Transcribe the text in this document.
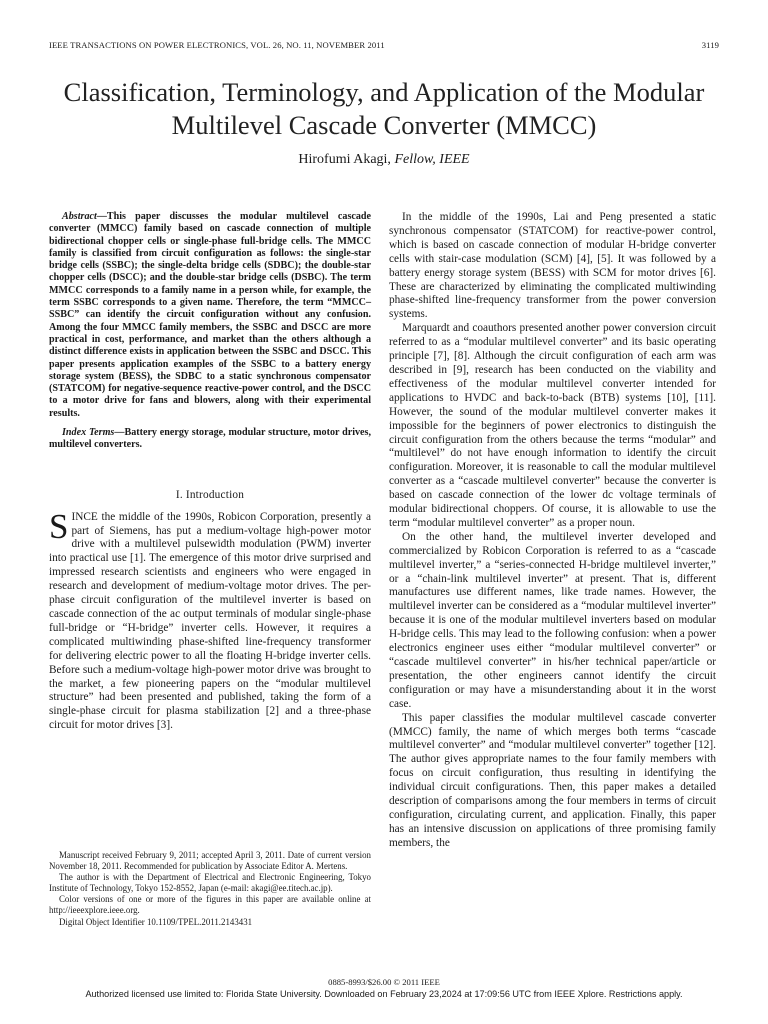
IEEE TRANSACTIONS ON POWER ELECTRONICS, VOL. 26, NO. 11, NOVEMBER 2011	3119
Classification, Terminology, and Application of the Modular Multilevel Cascade Converter (MMCC)
Hirofumi Akagi, Fellow, IEEE

Abstract—This paper discusses the modular multilevel cascade converter (MMCC) family based on cascade connection of multiple bidirectional chopper cells or single-phase full-bridge cells. The MMCC family is classified from circuit configuration as follows: the single-star bridge cells (SSBC); the single-delta bridge cells (SDBC); the double-star chopper cells (DSCC); and the double-star bridge cells (DSBC). The term MMCC corresponds to a family name in a person while, for example, the term SSBC corresponds to a given name. Therefore, the term “MMCC–SSBC” can identify the circuit configuration without any confusion. Among the four MMCC family members, the SSBC and DSCC are more practical in cost, performance, and market than the others although a distinct difference exists in application between the SSBC and DSCC. This paper presents application examples of the SSBC to a battery energy storage system (BESS), the SDBC to a static synchronous compensator (STATCOM) for negative-sequence reactive-power control, and the DSCC to a motor drive for fans and blowers, along with their experimental results.

Index Terms—Battery energy storage, modular structure, motor drives, multilevel converters.

I. Introduction

SINCE the middle of the 1990s, Robicon Corporation, presently a part of Siemens, has put a medium-voltage high-power motor drive with a multilevel pulsewidth modulation (PWM) inverter into practical use [1]. The emergence of this motor drive surprised and impressed research scientists and engineers who were engaged in research and development of medium-voltage motor drives. The per-phase circuit configuration of the multilevel inverter is based on cascade connection of the ac output terminals of modular single-phase full-bridge or “H-bridge” inverter cells. However, it requires a complicated multiwinding phase-shifted line-frequency transformer for delivering electric power to all the floating H-bridge inverter cells. Before such a medium-voltage high-power motor drive was brought to the market, a few pioneering papers on the “modular multilevel structure” had been presented and published, taking the form of a single-phase circuit for plasma stabilization [2] and a three-phase circuit for motor drives [3].

In the middle of the 1990s, Lai and Peng presented a static synchronous compensator (STATCOM) for reactive-power control, which is based on cascade connection of modular H-bridge converter cells with stair-case modulation (SCM) [4], [5]. It was followed by a battery energy storage system (BESS) with SCM for motor drives [6]. These are characterized by eliminating the complicated multiwinding phase-shifted line-frequency transformer from the power conversion systems.

Marquardt and coauthors presented another power conversion circuit referred to as a “modular multilevel converter” and its basic operating principle [7], [8]. Although the circuit configuration of each arm was described in [9], research has been conducted on the viability and effectiveness of the modular multilevel converter intended for applications to HVDC and back-to-back (BTB) systems [10], [11]. However, the sound of the modular multilevel converter makes it impossible for the beginners of power electronics to distinguish the circuit configuration from the others because the terms “modular” and “multilevel” do not have enough information to identify the circuit configuration. Moreover, it is reasonable to call the modular multilevel converter as a “cascade multilevel converter” because the converter is based on cascade connection of the lower dc voltage terminals of modular bidirectional choppers. Of course, it is allowable to use the term “modular multilevel converter” as a proper noun.

On the other hand, the multilevel inverter developed and commercialized by Robicon Corporation is referred to as a “cascade multilevel inverter,” a “series-connected H-bridge multilevel inverter,” or a “chain-link multilevel inverter” at present. That is, different manufactures use different names, like trade names. However, the multilevel inverter can be considered as a “modular multilevel inverter” because it is one of the modular multilevel inverters based on modular H-bridge cells. This may lead to the following confusion: when a power electronics engineer uses either “modular multilevel converter” or “cascade multilevel converter” in his/her technical paper/article or presentation, the other engineers cannot identify the circuit configuration or may have a misunderstanding about it in the worst case.

This paper classifies the modular multilevel cascade converter (MMCC) family, the name of which merges both terms “cascade multilevel converter” and “modular multilevel converter” together [12]. The author gives appropriate names to the four family members with focus on circuit configuration, thus resulting in identifying the individual circuit configurations. Then, this paper makes a detailed description of comparisons among the four members in terms of circuit configuration, circulating current, and application. Finally, this paper has an intensive discussion on applications of three promising family members, the

Manuscript received February 9, 2011; accepted April 3, 2011. Date of current version November 18, 2011. Recommended for publication by Associate Editor A. Mertens.

The author is with the Department of Electrical and Electronic Engineering, Tokyo Institute of Technology, Tokyo 152-8552, Japan (e-mail: akagi@ee.titech.ac.jp).

Color versions of one or more of the figures in this paper are available online at http://ieeexplore.ieee.org.

Digital Object Identifier 10.1109/TPEL.2011.2143431

0885-8993/$26.00 © 2011 IEEE
Authorized licensed use limited to: Florida State University. Downloaded on February 23,2024 at 17:09:56 UTC from IEEE Xplore. Restrictions apply.
